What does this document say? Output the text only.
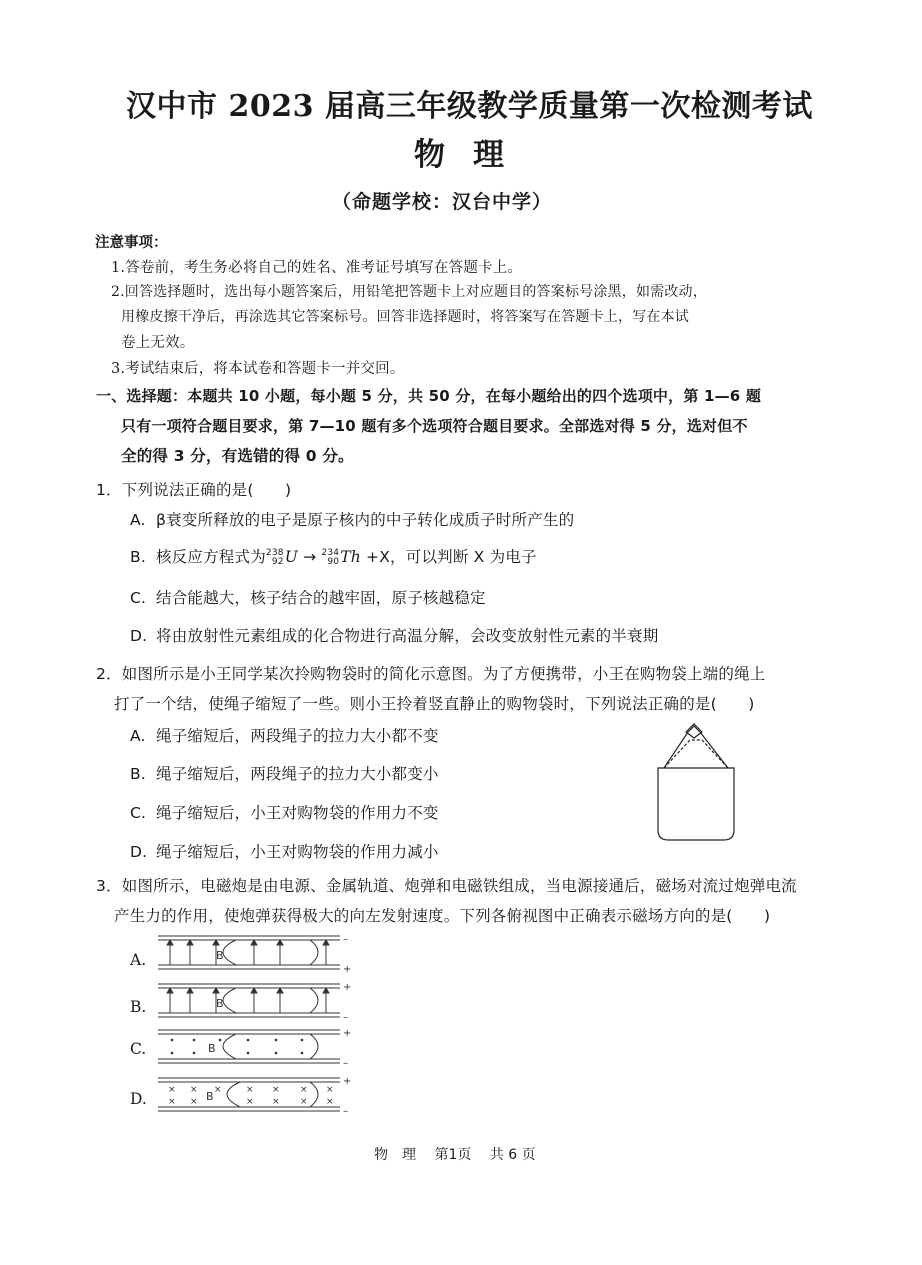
汉中市 2023 届高三年级教学质量第一次检测考试
物理
（命题学校：汉台中学）
注意事项：
1.答卷前，考生务必将自己的姓名、准考证号填写在答题卡上。
2.回答选择题时，选出每小题答案后，用铅笔把答题卡上对应题目的答案标号涂黑，如需改动，
用橡皮擦干净后，再涂选其它答案标号。回答非选择题时，将答案写在答题卡上，写在本试
卷上无效。
3.考试结束后，将本试卷和答题卡一并交回。
一、选择题：本题共 10 小题，每小题 5 分，共 50 分，在每小题给出的四个选项中，第 1—6 题
只有一项符合题目要求，第 7—10 题有多个选项符合题目要求。全部选对得 5 分，选对但不
全的得 3 分，有选错的得 0 分。
1．下列说法正确的是(　　)
A. β衰变所释放的电子是原子核内的中子转化成质子时所产生的
B. 核反应方程式为 238
92 U → 234
90 Th +X，可以判断 X 为电子
C. 结合能越大，核子结合的越牢固，原子核越稳定
D. 将由放射性元素组成的化合物进行高温分解，会改变放射性元素的半衰期
2．如图所示是小王同学某次拎购物袋时的简化示意图。为了方便携带，小王在购物袋上端的绳上
打了一个结，使绳子缩短了一些。则小王拎着竖直静止的购物袋时，下列说法正确的是(　　)
A. 绳子缩短后，两段绳子的拉力大小都不变
B. 绳子缩短后，两段绳子的拉力大小都变小
C. 绳子缩短后，小王对购物袋的作用力不变
D. 绳子缩短后，小王对购物袋的作用力减小
3．如图所示，电磁炮是由电源、金属轨道、炮弹和电磁铁组成，当电源接通后，磁场对流过炮弹电流
产生力的作用，使炮弹获得极大的向左发射速度。下列各俯视图中正确表示磁场方向的是(　　)
A.	B
–
+
B.	B
+
–
C.	B
+
–
D. × × ×	× × × ×
× ×	× × × ×
B
+
–
物　理　 第1页　 共 6 页
